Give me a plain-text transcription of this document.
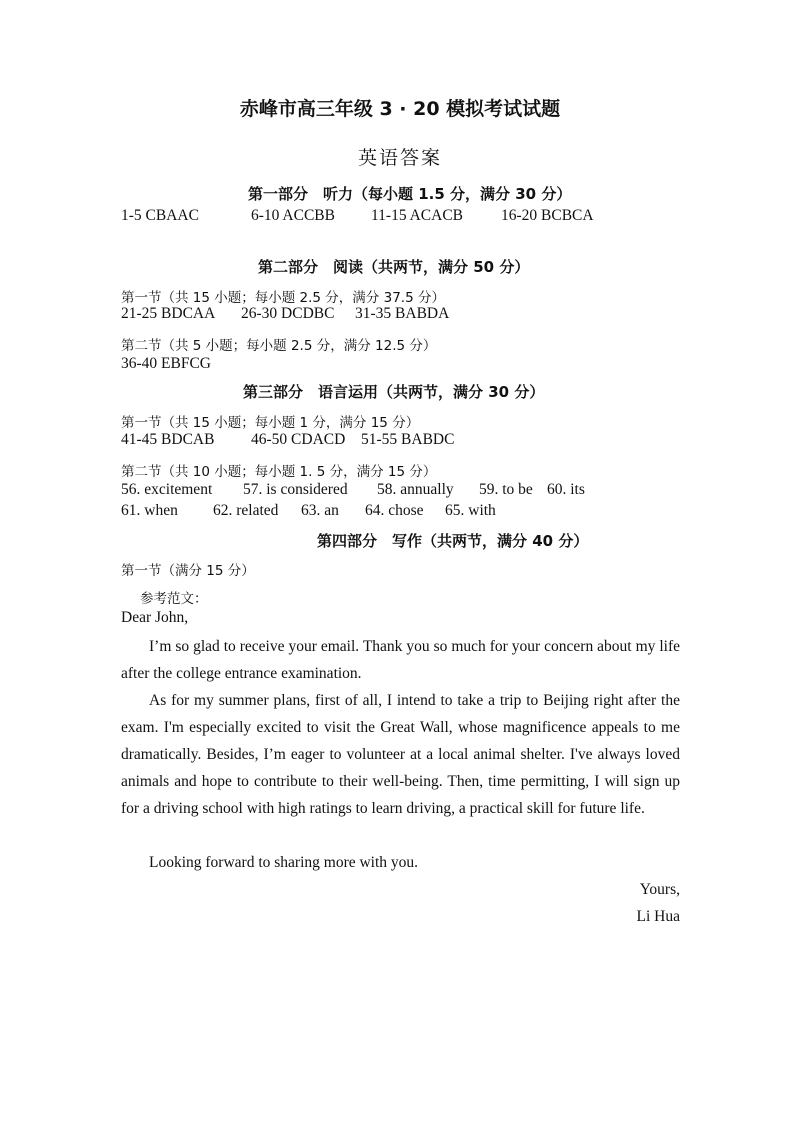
赤峰市高三年级 3 · 20 模拟考试试题
英语答案
第一部分　听力（每小题 1.5 分，满分 30 分）
1-5 CBAAC	6-10 ACCBB 11-15 ACACB 16-20 BCBCA
第二部分　阅读（共两节，满分 50 分）
第一节（共 15 小题；每小题 2.5 分，满分 37.5 分）
21-25 BDCAA 26-30 DCDBC 31-35 BABDA
第二节（共 5 小题；每小题 2.5 分，满分 12.5 分）
36-40 EBFCG
第三部分　语言运用（共两节，满分 30 分）
第一节（共 15 小题；每小题 1 分，满分 15 分）
41-45 BDCAB 46-50 CDACD 51-55 BABDC
第二节（共 10 小题；每小题 1. 5 分，满分 15 分）
56. excitement 57. is considered 58. annually 59. to be 60. its
61. when 62. related 63. an 64. chose 65. with
第四部分　写作（共两节，满分 40 分）
第一节（满分 15 分）
参考范文：
Dear John,
I’m so glad to receive your email. Thank you so much for your concern about my life after the college entrance examination.
As for my summer plans, first of all, I intend to take a trip to Beijing right after the exam. I'm especially excited to visit the Great Wall, whose magnificence appeals to me dramatically. Besides, I’m eager to volunteer at a local animal shelter. I've always loved animals and hope to contribute to their well-being. Then, time permitting, I will sign up for a driving school with high ratings to learn driving, a practical skill for future life.
Looking forward to sharing more with you.
Yours,
Li Hua
